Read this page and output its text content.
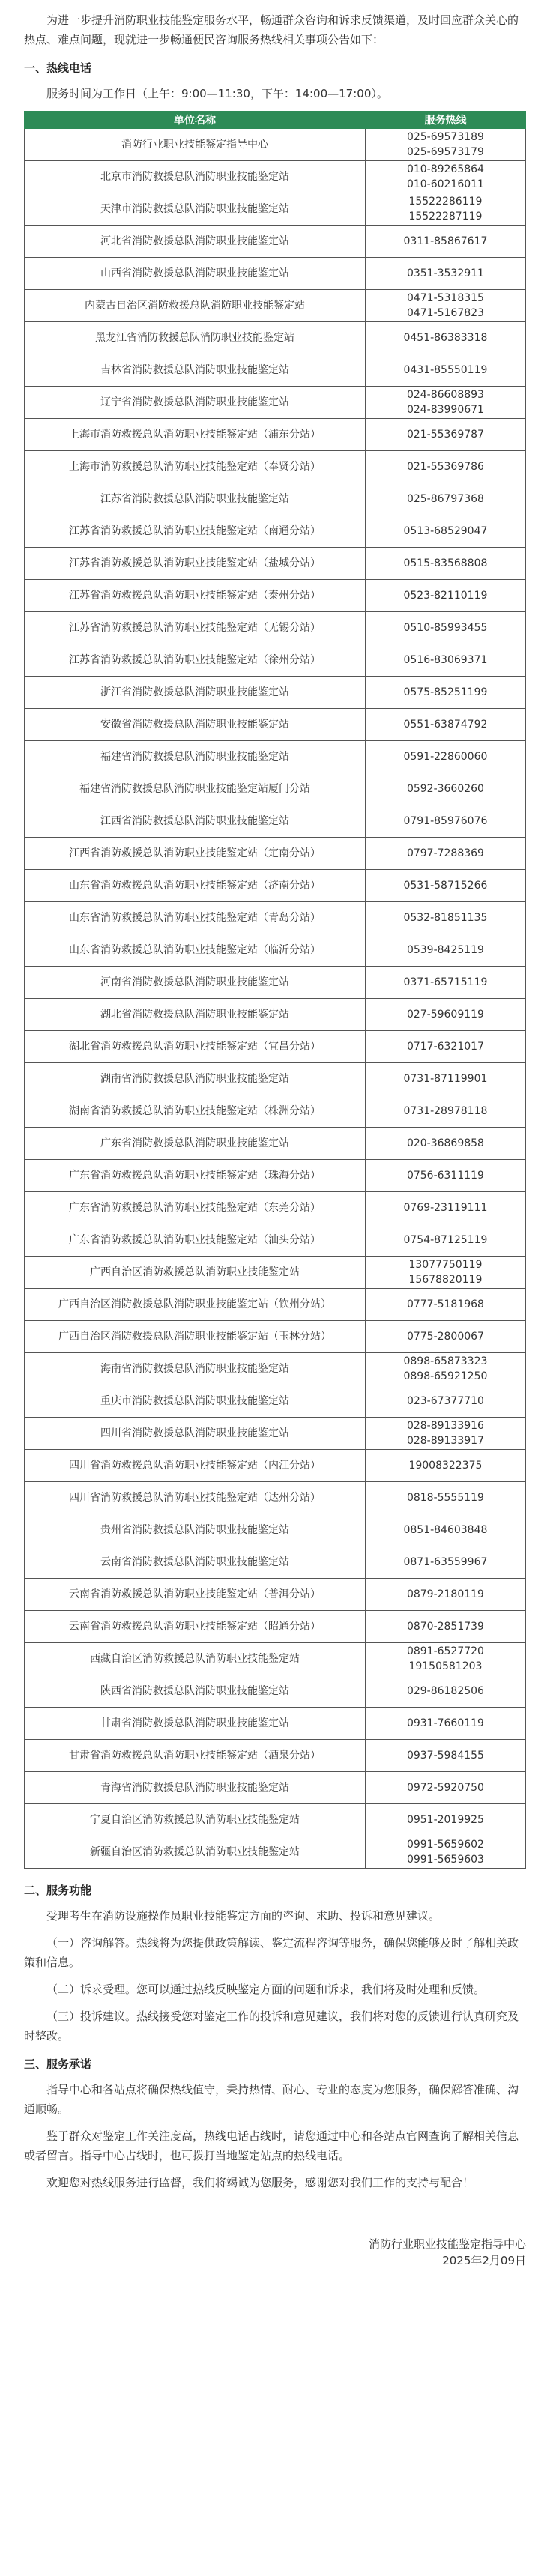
为进一步提升消防职业技能鉴定服务水平，畅通群众咨询和诉求反馈渠道，及时回应群众关心的热点、难点问题，现就进一步畅通便民咨询服务热线相关事项公告如下：

一、热线电话

服务时间为工作日（上午：9:00—11:30，下午：14:00—17:00）。

单位名称	服务热线
消防行业职业技能鉴定指导中心	025-69573189
025-69573179

北京市消防救援总队消防职业技能鉴定站	010-89265864
010-60216011

天津市消防救援总队消防职业技能鉴定站	15522286119
15522287119

河北省消防救援总队消防职业技能鉴定站	0311-85867617

山西省消防救援总队消防职业技能鉴定站	0351-3532911

内蒙古自治区消防救援总队消防职业技能鉴定站	0471-5318315
0471-5167823

黑龙江省消防救援总队消防职业技能鉴定站	0451-86383318

吉林省消防救援总队消防职业技能鉴定站	0431-85550119

辽宁省消防救援总队消防职业技能鉴定站	024-86608893
024-83990671

上海市消防救援总队消防职业技能鉴定站（浦东分站）	021-55369787

上海市消防救援总队消防职业技能鉴定站（奉贤分站）	021-55369786

江苏省消防救援总队消防职业技能鉴定站	025-86797368

江苏省消防救援总队消防职业技能鉴定站（南通分站）	0513-68529047

江苏省消防救援总队消防职业技能鉴定站（盐城分站）	0515-83568808

江苏省消防救援总队消防职业技能鉴定站（泰州分站）	0523-82110119

江苏省消防救援总队消防职业技能鉴定站（无锡分站）	0510-85993455

江苏省消防救援总队消防职业技能鉴定站（徐州分站）	0516-83069371

浙江省消防救援总队消防职业技能鉴定站	0575-85251199

安徽省消防救援总队消防职业技能鉴定站	0551-63874792

福建省消防救援总队消防职业技能鉴定站	0591-22860060

福建省消防救援总队消防职业技能鉴定站厦门分站	0592-3660260

江西省消防救援总队消防职业技能鉴定站	0791-85976076

江西省消防救援总队消防职业技能鉴定站（定南分站）	0797-7288369

山东省消防救援总队消防职业技能鉴定站（济南分站）	0531-58715266

山东省消防救援总队消防职业技能鉴定站（青岛分站）	0532-81851135

山东省消防救援总队消防职业技能鉴定站（临沂分站）	0539-8425119

河南省消防救援总队消防职业技能鉴定站	0371-65715119

湖北省消防救援总队消防职业技能鉴定站	027-59609119

湖北省消防救援总队消防职业技能鉴定站（宜昌分站）	0717-6321017

湖南省消防救援总队消防职业技能鉴定站	0731-87119901

湖南省消防救援总队消防职业技能鉴定站（株洲分站）	0731-28978118

广东省消防救援总队消防职业技能鉴定站	020-36869858

广东省消防救援总队消防职业技能鉴定站（珠海分站）	0756-6311119

广东省消防救援总队消防职业技能鉴定站（东莞分站）	0769-23119111

广东省消防救援总队消防职业技能鉴定站（汕头分站）	0754-87125119

广西自治区消防救援总队消防职业技能鉴定站	13077750119
15678820119

广西自治区消防救援总队消防职业技能鉴定站（钦州分站）	0777-5181968

广西自治区消防救援总队消防职业技能鉴定站（玉林分站）	0775-2800067

海南省消防救援总队消防职业技能鉴定站	0898-65873323
0898-65921250

重庆市消防救援总队消防职业技能鉴定站	023-67377710

四川省消防救援总队消防职业技能鉴定站	028-89133916
028-89133917

四川省消防救援总队消防职业技能鉴定站（内江分站）	19008322375

四川省消防救援总队消防职业技能鉴定站（达州分站）	0818-5555119

贵州省消防救援总队消防职业技能鉴定站	0851-84603848

云南省消防救援总队消防职业技能鉴定站	0871-63559967

云南省消防救援总队消防职业技能鉴定站（普洱分站）	0879-2180119

云南省消防救援总队消防职业技能鉴定站（昭通分站）	0870-2851739

西藏自治区消防救援总队消防职业技能鉴定站	0891-6527720
19150581203

陕西省消防救援总队消防职业技能鉴定站	029-86182506

甘肃省消防救援总队消防职业技能鉴定站	0931-7660119

甘肃省消防救援总队消防职业技能鉴定站（酒泉分站）	0937-5984155

青海省消防救援总队消防职业技能鉴定站	0972-5920750

宁夏自治区消防救援总队消防职业技能鉴定站	0951-2019925

新疆自治区消防救援总队消防职业技能鉴定站	0991-5659602
0991-5659603
二、服务功能

受理考生在消防设施操作员职业技能鉴定方面的咨询、求助、投诉和意见建议。

（一）咨询解答。热线将为您提供政策解读、鉴定流程咨询等服务，确保您能够及时了解相关政策和信息。

（二）诉求受理。您可以通过热线反映鉴定方面的问题和诉求，我们将及时处理和反馈。

（三）投诉建议。热线接受您对鉴定工作的投诉和意见建议，我们将对您的反馈进行认真研究及时整改。

三、服务承诺

指导中心和各站点将确保热线值守，秉持热情、耐心、专业的态度为您服务，确保解答准确、沟通顺畅。

鉴于群众对鉴定工作关注度高，热线电话占线时，请您通过中心和各站点官网查询了解相关信息或者留言。指导中心占线时，也可拨打当地鉴定站点的热线电话。

欢迎您对热线服务进行监督，我们将竭诚为您服务，感谢您对我们工作的支持与配合！

消防行业职业技能鉴定指导中心
2025年2月09日
